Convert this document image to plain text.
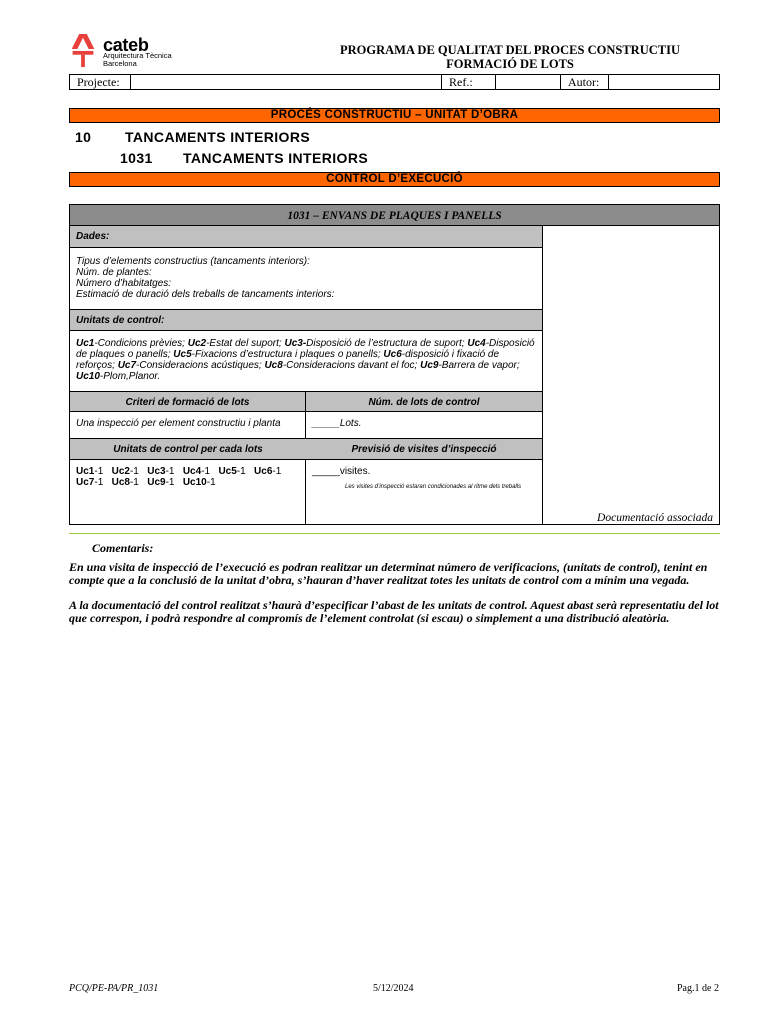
cateb
Arquitectura Tècnica
Barcelona
PROGRAMA DE QUALITAT DEL PROCES CONSTRUCTIU
FORMACIÓ DE LOTS
Projecte:	Ref.:	Autor:
PROCÉS CONSTRUCTIU – UNITAT D’OBRA
10 TANCAMENTS INTERIORS
1031 TANCAMENTS INTERIORS
CONTROL D’EXECUCIÓ
1031 – ENVANS DE PLAQUES I PANELLS
Dades:
Tipus d’elements constructius (tancaments interiors):
Núm. de plantes:
Número d’habitatges:
Estimació de duració dels treballs de tancaments interiors:
Unitats de control:
Uc1-Condicions prèvies; Uc2-Estat del suport; Uc3-Disposició de l’estructura de suport; Uc4-Disposició de plaques o panells; Uc5-Fixacions d’estructura i plaques o panells; Uc6-disposició i fixació de reforços; Uc7-Consideracions acústiques; Uc8-Consideracions davant el foc; Uc9-Barrera de vapor; Uc10-Plom,Planor.
Criteri de formació de lots	Núm. de lots de control
Una inspecció per element constructiu i planta	_____Lots.
Unitats de control per cada lots	Previsió de visites d’inspecció
Uc1-1 Uc2-1 Uc3-1 Uc4-1 Uc5-1 Uc6-1
Uc7-1 Uc8-1 Uc9-1 Uc10-1
_____visites.
Les visites d’inspecció estaran condicionades al ritme dels treballs
Documentació associada
Comentaris:
En una visita de inspecció de l’execució es podran realitzar un determinat número de verificacions, (unitats de control), tenint en compte que a la conclusió de la unitat d’obra, s’hauran d’haver realitzat totes les unitats de control com a mínim una vegada.
A la documentació del control realitzat s’haurà d’especificar l’abast de les unitats de control. Aquest abast serà representatiu del lot que correspon, i podrà respondre al compromís de l’element controlat (si escau) o simplement a una distribució aleatòria.
PCQ/PE-PA/PR_1031	5/12/2024	Pag.1 de 2
